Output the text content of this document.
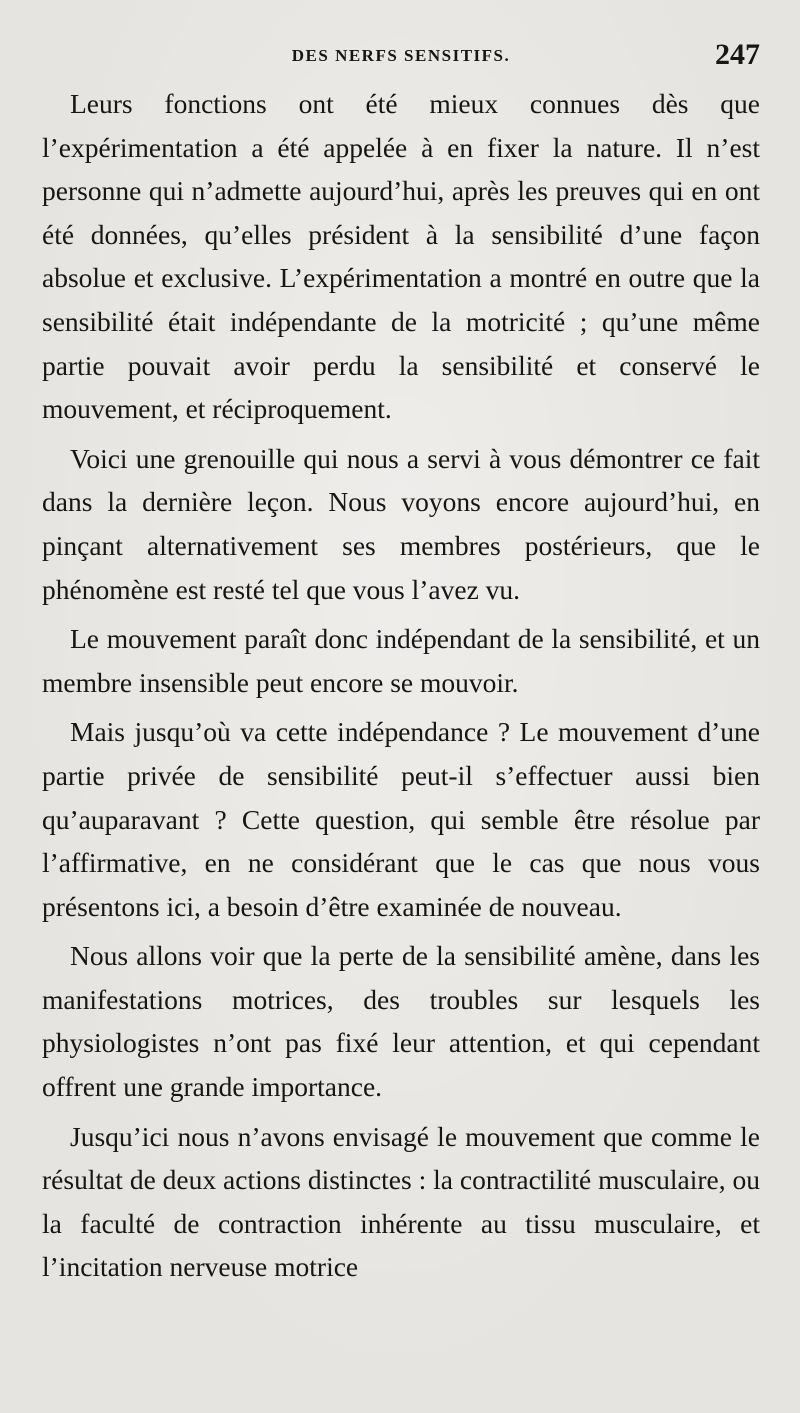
DES NERFS SENSITIFS.	247

Leurs fonctions ont été mieux connues dès que l’expérimentation a été appelée à en fixer la nature. Il n’est personne qui n’admette aujourd’hui, après les preuves qui en ont été données, qu’elles président à la sensibilité d’une façon absolue et exclusive. L’expérimentation a montré en outre que la sensibilité était indépendante de la motricité ; qu’une même partie pouvait avoir perdu la sensibilité et conservé le mouvement, et réciproquement.

Voici une grenouille qui nous a servi à vous démontrer ce fait dans la dernière leçon. Nous voyons encore aujourd’hui, en pinçant alternativement ses membres postérieurs, que le phénomène est resté tel que vous l’avez vu.

Le mouvement paraît donc indépendant de la sensibilité, et un membre insensible peut encore se mouvoir.

Mais jusqu’où va cette indépendance ? Le mouvement d’une partie privée de sensibilité peut-il s’effectuer aussi bien qu’auparavant ? Cette question, qui semble être résolue par l’affirmative, en ne considérant que le cas que nous vous présentons ici, a besoin d’être examinée de nouveau.

Nous allons voir que la perte de la sensibilité amène, dans les manifestations motrices, des troubles sur lesquels les physiologistes n’ont pas fixé leur attention, et qui cependant offrent une grande importance.

Jusqu’ici nous n’avons envisagé le mouvement que comme le résultat de deux actions distinctes : la contractilité musculaire, ou la faculté de contraction inhérente au tissu musculaire, et l’incitation nerveuse motrice
